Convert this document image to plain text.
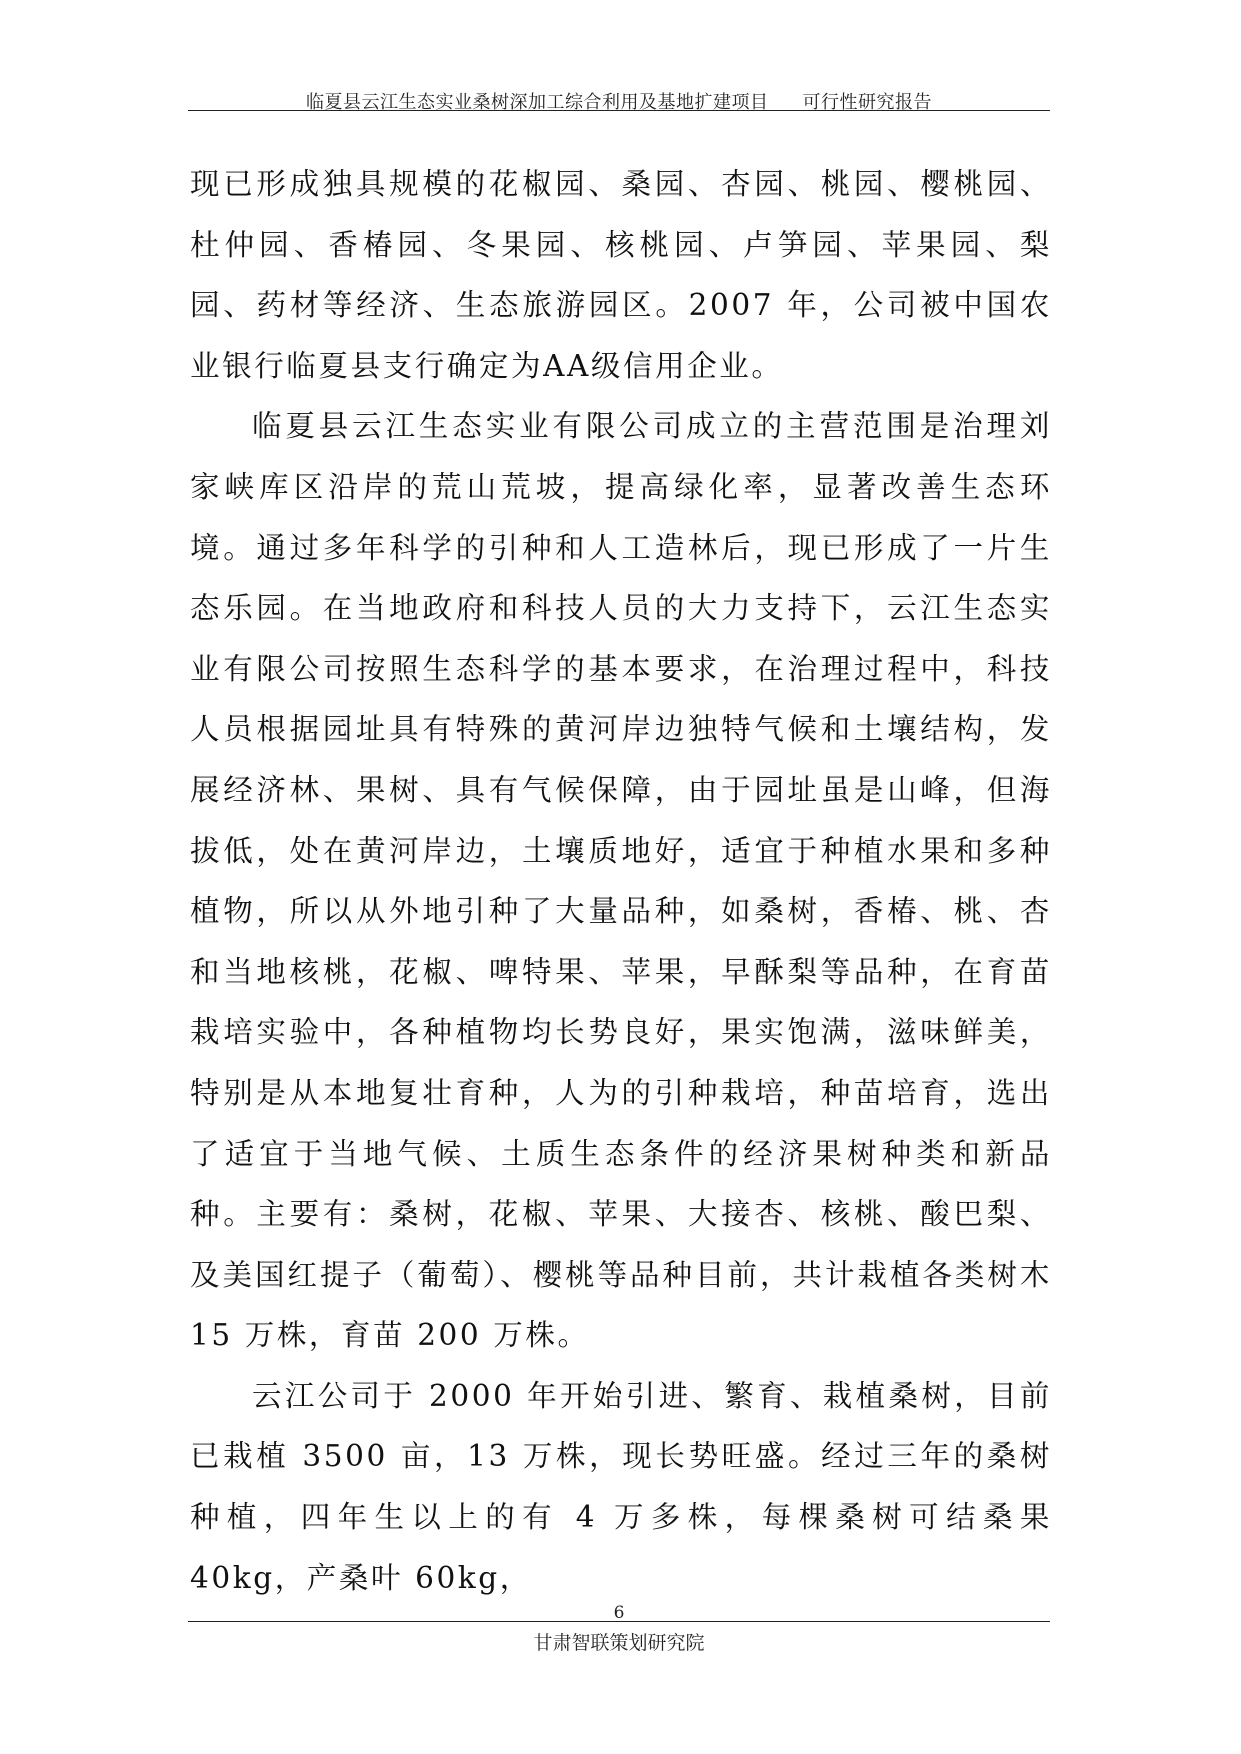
临夏县云江生态实业桑树深加工综合利用及基地扩建项目 可行性研究报告

现已形成独具规模的花椒园、桑园、杏园、桃园、樱桃园、杜仲园、香椿园、冬果园、核桃园、卢笋园、苹果园、梨园、药材等经济、生态旅游园区。2007 年，公司被中国农业银行临夏县支行确定为AA级信用企业。

临夏县云江生态实业有限公司成立的主营范围是治理刘家峡库区沿岸的荒山荒坡，提高绿化率，显著改善生态环境。通过多年科学的引种和人工造林后，现已形成了一片生态乐园。在当地政府和科技人员的大力支持下，云江生态实业有限公司按照生态科学的基本要求，在治理过程中，科技人员根据园址具有特殊的黄河岸边独特气候和土壤结构，发展经济林、果树、具有气候保障，由于园址虽是山峰，但海拔低，处在黄河岸边，土壤质地好，适宜于种植水果和多种植物，所以从外地引种了大量品种，如桑树，香椿、桃、杏和当地核桃，花椒、啤特果、苹果，早酥梨等品种，在育苗栽培实验中，各种植物均长势良好，果实饱满，滋味鲜美，特别是从本地复壮育种，人为的引种栽培，种苗培育，选出了适宜于当地气候、土质生态条件的经济果树种类和新品种。主要有：桑树，花椒、苹果、大接杏、核桃、酸巴梨、及美国红提子（葡萄）、樱桃等品种目前，共计栽植各类树木 15 万株，育苗 200 万株。

云江公司于 2000 年开始引进、繁育、栽植桑树，目前已栽植 3500 亩，13 万株，现长势旺盛。经过三年的桑树种植，四年生以上的有 4 万多株，每棵桑树可结桑果 40kg，产桑叶 60kg，

6
甘肃智联策划研究院
